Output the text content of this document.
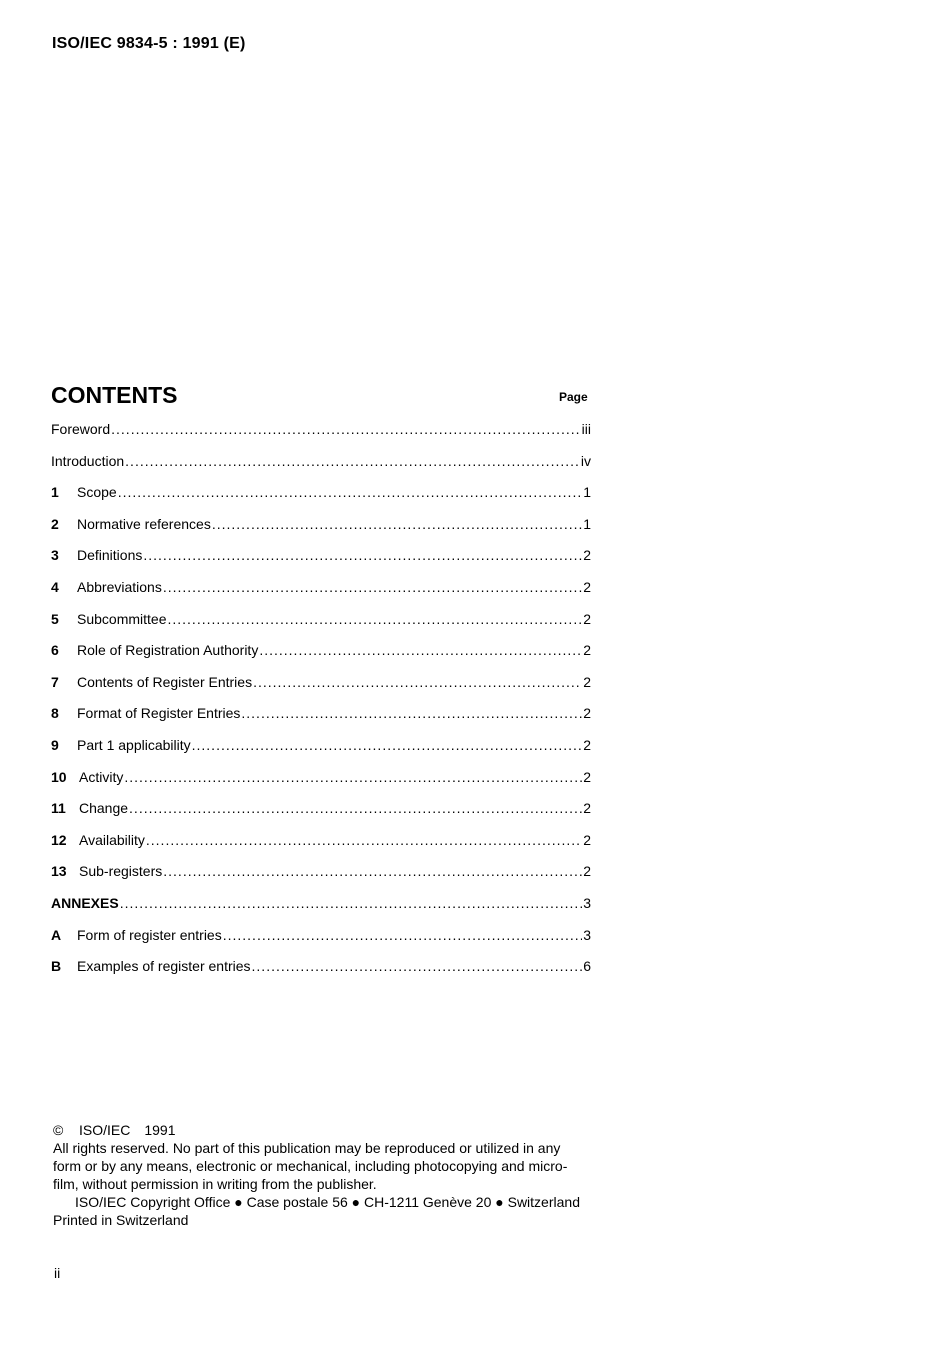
ISO/IEC 9834-5 : 1991 (E)
CONTENTS	Page
Foreword .....	iii
Introduction .....	iv
1	Scope .....	1
2	Normative references .....	1
3	Definitions .....	2
4	Abbreviations .....	2
5	Subcommittee .....	2
6	Role of Registration Authority .....	2
7	Contents of Register Entries .....	2
8	Format of Register Entries .....	2
9	Part 1 applicability .....	2
10 Activity .....	2
11 Change .....	2
12 Availability .....	2
13 Sub-registers .....	2
ANNEXES .....	3
A	Form of register entries .....	3
B	Examples of register entries .....	6
© ISO/IEC 1991
All rights reserved. No part of this publication may be reproduced or utilized in any
form or by any means, electronic or mechanical, including photocopying and micro-
film, without permission in writing from the publisher.
ISO/IEC Copyright Office ● Case postale 56 ● CH-1211 Genève 20 ● Switzerland
Printed in Switzerland
ii
